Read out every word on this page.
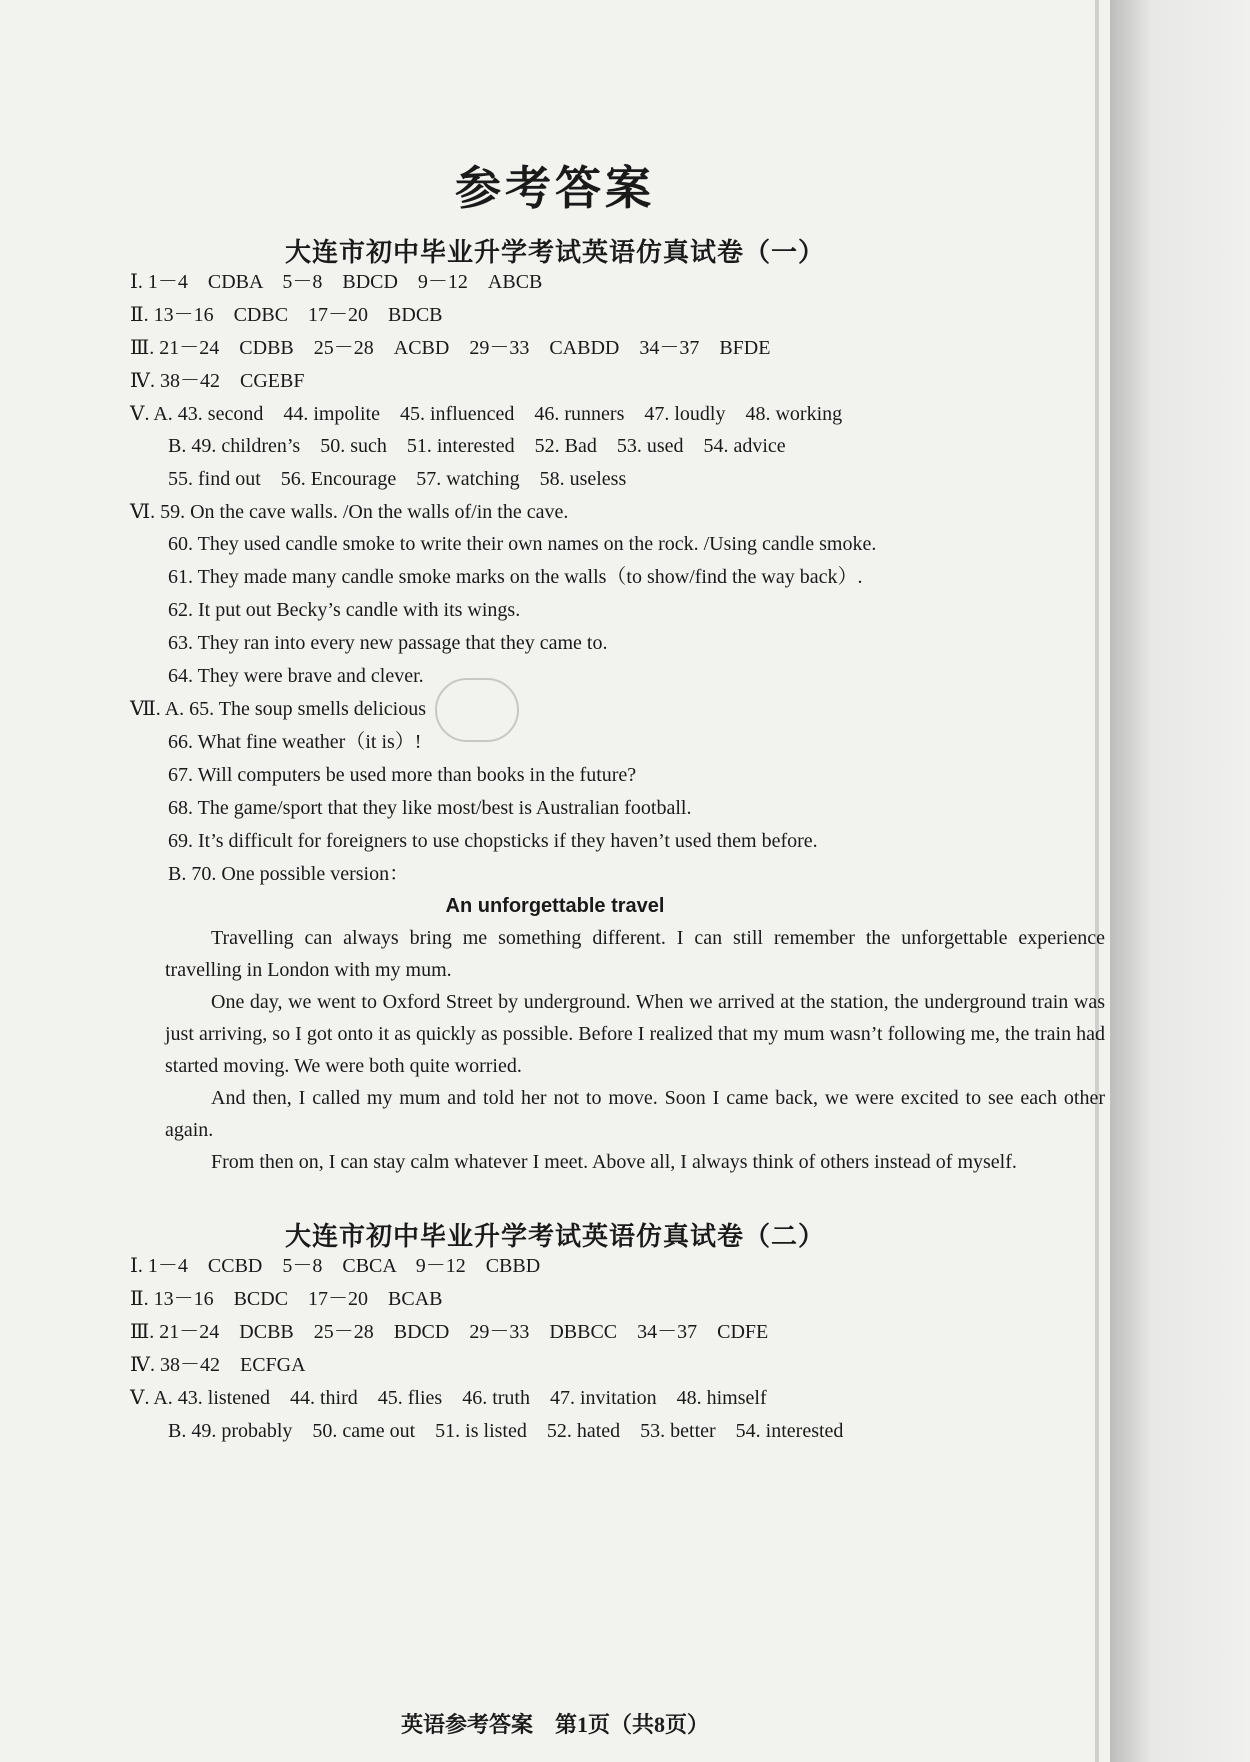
参考答案
大连市初中毕业升学考试英语仿真试卷（一）
Ⅰ. 1－4　CDBA　5－8　BDCD　9－12　ABCB
Ⅱ. 13－16　CDBC　17－20　BDCB
Ⅲ. 21－24　CDBB　25－28　ACBD　29－33　CABDD　34－37　BFDE
Ⅳ. 38－42　CGEBF
Ⅴ. A. 43. second　44. impolite　45. influenced　46. runners　47. loudly　48. working
B. 49. children’s　50. such　51. interested　52. Bad　53. used　54. advice
55. find out　56. Encourage　57. watching　58. useless
Ⅵ. 59. On the cave walls. /On the walls of/in the cave.
60. They used candle smoke to write their own names on the rock. /Using candle smoke.
61. They made many candle smoke marks on the walls（to show/find the way back）.
62. It put out Becky’s candle with its wings.
63. They ran into every new passage that they came to.
64. They were brave and clever.
Ⅶ. A. 65. The soup smells delicious
66. What fine weather（it is）!
67. Will computers be used more than books in the future?
68. The game/sport that they like most/best is Australian football.
69. It’s difficult for foreigners to use chopsticks if they haven’t used them before.
B. 70. One possible version：
An unforgettable travel
Travelling can always bring me something different. I can still remember the unforgettable experience travelling in London with my mum.
One day, we went to Oxford Street by underground. When we arrived at the station, the underground train was just arriving, so I got onto it as quickly as possible. Before I realized that my mum wasn’t following me, the train had started moving. We were both quite worried.
And then, I called my mum and told her not to move. Soon I came back, we were excited to see each other again.
From then on, I can stay calm whatever I meet. Above all, I always think of others instead of myself.
大连市初中毕业升学考试英语仿真试卷（二）
Ⅰ. 1－4　CCBD　5－8　CBCA　9－12　CBBD
Ⅱ. 13－16　BCDC　17－20　BCAB
Ⅲ. 21－24　DCBB　25－28　BDCD　29－33　DBBCC　34－37　CDFE
Ⅳ. 38－42　ECFGA
Ⅴ. A. 43. listened　44. third　45. flies　46. truth　47. invitation　48. himself
B. 49. probably　50. came out　51. is listed　52. hated　53. better　54. interested
英语参考答案　第1页（共8页）
